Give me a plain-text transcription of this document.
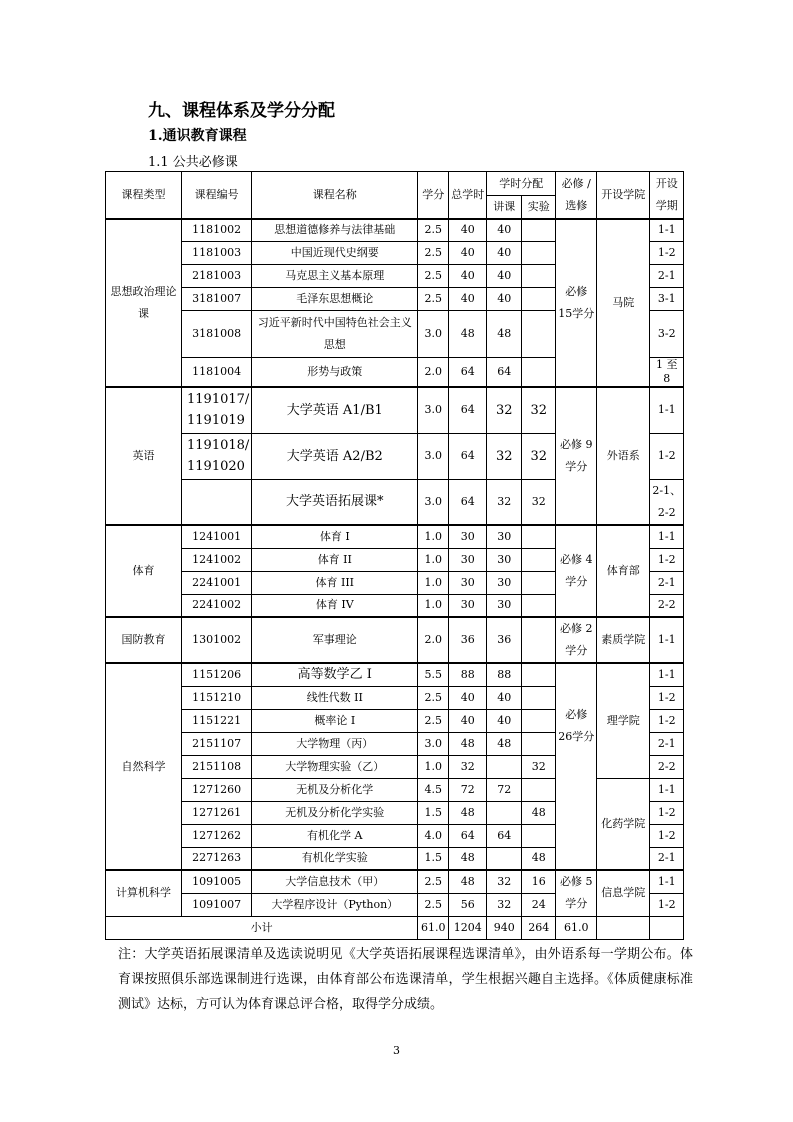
九、课程体系及学分分配
1.通识教育课程
1.1 公共必修课
课程类型	课程编号	课程名称	学分	总学时	学时分配		必修 / 选修	开设学院	开设学期
					讲课	实验			
思想政治理论课	1181002	思想道德修养与法律基础	2.5	40	40		必修 15学分	马院	1-1
	1181003	中国近现代史纲要	2.5	40	40				1-2
	2181003	马克思主义基本原理	2.5	40	40				2-1
	3181007	毛泽东思想概论	2.5	40	40				3-1
	3181008	习近平新时代中国特色社会主义思想	3.0	48	48				3-2
	1181004	形势与政策	2.0	64	64				1 至 8
英语	1191017/ 1191019	大学英语 A1/B1	3.0	64	32	32	必修 9学分	外语系	1-1
	1191018/ 1191020	大学英语 A2/B2	3.0	64	32	32			1-2
		大学英语拓展课*	3.0	64	32	32			2-1、 2-2
体育	1241001	体育 I	1.0	30	30		必修 4学分	体育部	1-1
	1241002	体育 II	1.0	30	30				1-2
	2241001	体育 III	1.0	30	30				2-1
	2241002	体育 IV	1.0	30	30				2-2
国防教育	1301002	军事理论	2.0	36	36		必修 2学分	素质学院	1-1
自然科学	1151206	高等数学乙 I	5.5	88	88		必修 26学分	理学院	1-1
	1151210	线性代数 II	2.5	40	40				1-2
	1151221	概率论 I	2.5	40	40				1-2
	2151107	大学物理（丙）	3.0	48	48				2-1
	2151108	大学物理实验（乙）	1.0	32		32			2-2
	1271260	无机及分析化学	4.5	72	72			化药学院	1-1
	1271261	无机及分析化学实验	1.5	48		48			1-2
	1271262	有机化学 A	4.0	64	64				1-2
	2271263	有机化学实验	1.5	48		48			2-1
计算机科学	1091005	大学信息技术（甲）	2.5	48	32	16	必修 5学分	信息学院	1-1
	1091007	大学程序设计（Python）	2.5	56	32	24			1-2
小计			61.0	1204	940	264	61.0		
注：大学英语拓展课清单及选读说明见《大学英语拓展课程选课清单》，由外语系每一学期公布。体育课按照俱乐部选课制进行选课，由体育部公布选课清单，学生根据兴趣自主选择。《体质健康标准测试》达标，方可认为体育课总评合格，取得学分成绩。
3
